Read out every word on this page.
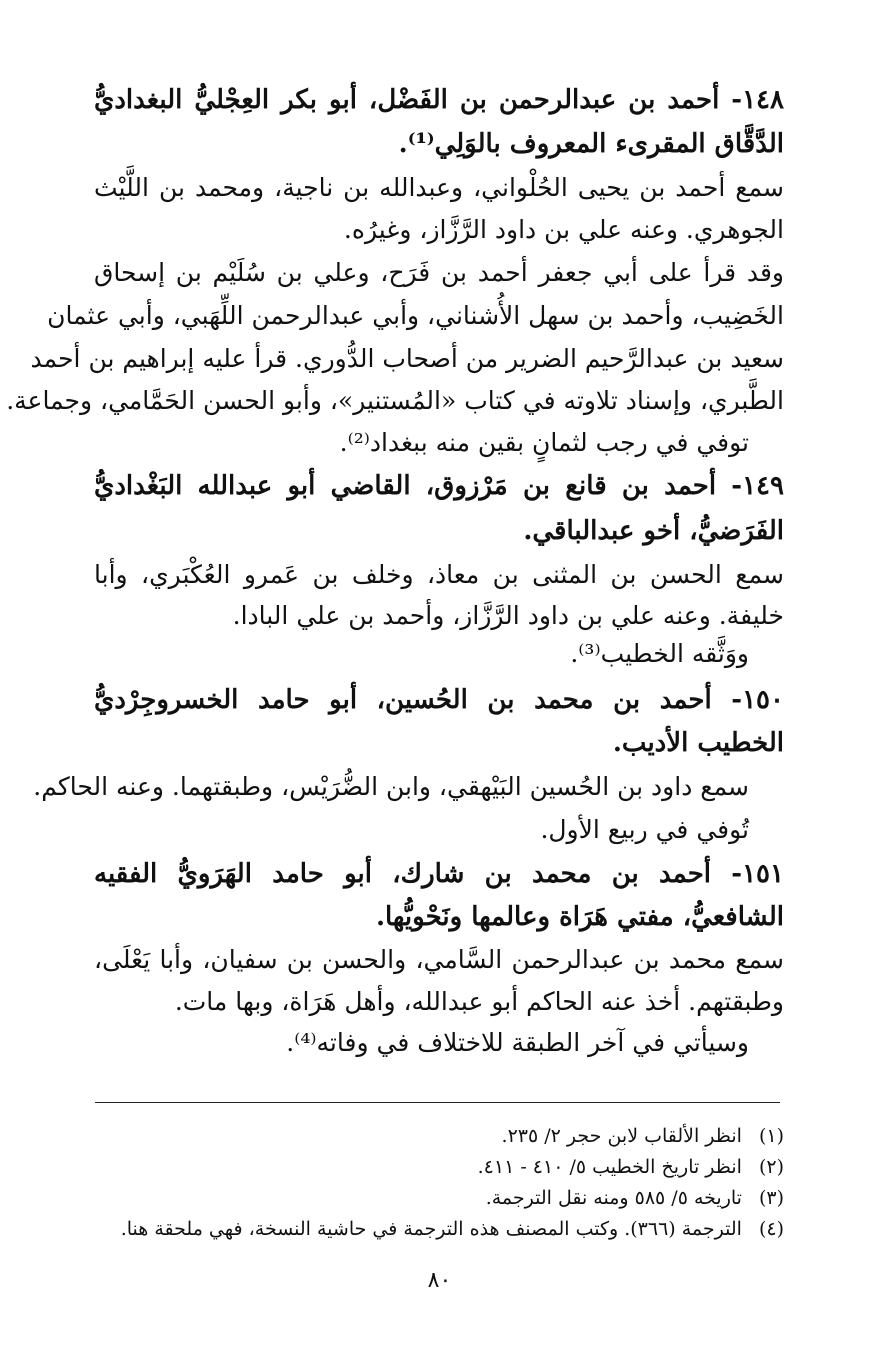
١٤٨- أحمد بن عبدالرحمن بن الفَضْل، أبو بكر العِجْليُّ البغداديُّ
الدَّقَّاق المقرىء المعروف بالوَلِي⁽¹⁾.
سمع أحمد بن يحيى الحُلْواني، وعبدالله بن ناجية، ومحمد بن اللَّيْث
الجوهري. وعنه علي بن داود الرَّزَّاز، وغيرُه.
وقد قرأ على أبي جعفر أحمد بن فَرَح، وعلي بن سُلَيْم بن إسحاق
الخَضِيب، وأحمد بن سهل الأُشناني، وأبي عبدالرحمن اللِّهَبي، وأبي عثمان
سعيد بن عبدالرَّحيم الضرير من أصحاب الدُّوري. قرأ عليه إبراهيم بن أحمد
الطَّبري، وإسناد تلاوته في كتاب «المُستنير»، وأبو الحسن الحَمَّامي، وجماعة.
توفي في رجب لثمانٍ بقين منه ببغداد⁽²⁾.
١٤٩- أحمد بن قانع بن مَرْزوق، القاضي أبو عبدالله البَغْداديُّ
الفَرَضيُّ، أخو عبدالباقي.
سمع الحسن بن المثنى بن معاذ، وخلف بن عَمرو العُكْبَري، وأبا
خليفة. وعنه علي بن داود الرَّزَّاز، وأحمد بن علي البادا.
ووَثَّقه الخطيب⁽³⁾.
١٥٠- أحمد بن محمد بن الحُسين، أبو حامد الخسروجِرْديُّ
الخطيب الأديب.
سمع داود بن الحُسين البَيْهقي، وابن الضُّرَيْس، وطبقتهما. وعنه الحاكم.
تُوفي في ربيع الأول.
١٥١- أحمد بن محمد بن شارك، أبو حامد الهَرَويُّ الفقيه
الشافعيُّ، مفتي هَرَاة وعالمها ونَحْويُّها.
سمع محمد بن عبدالرحمن السَّامي، والحسن بن سفيان، وأبا يَعْلَى،
وطبقتهم. أخذ عنه الحاكم أبو عبدالله، وأهل هَرَاة، وبها مات.
وسيأتي في آخر الطبقة للاختلاف في وفاته⁽⁴⁾.
(١) انظر الألقاب لابن حجر ٢/ ٢٣٥.
(٢) انظر تاريخ الخطيب ٥/ ٤١٠ - ٤١١.
(٣) تاريخه ٥/ ٥٨٥ ومنه نقل الترجمة.
(٤) الترجمة (٣٦٦). وكتب المصنف هذه الترجمة في حاشية النسخة، فهي ملحقة هنا.
٨٠
